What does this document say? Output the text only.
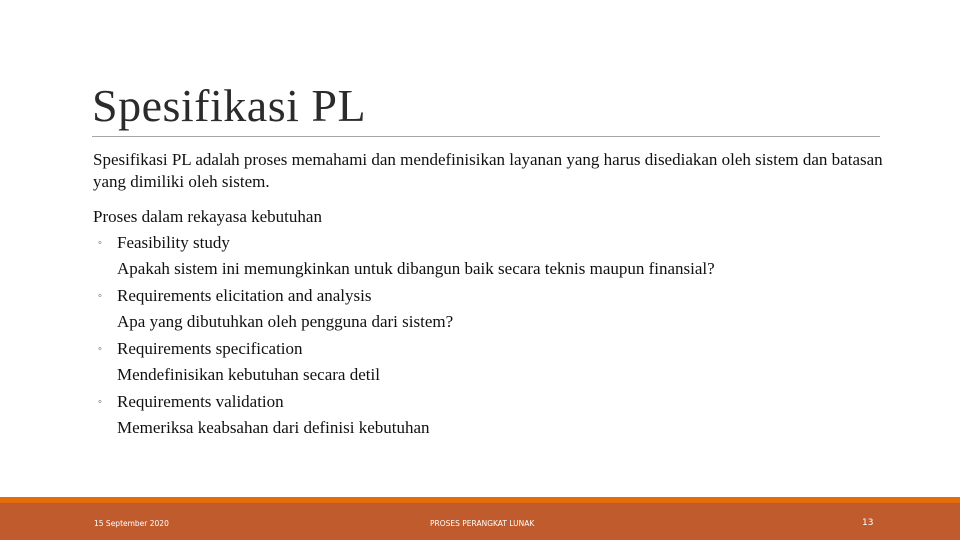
Spesifikasi PL

Spesifikasi PL adalah proses memahami dan mendefinisikan layanan yang harus disediakan oleh sistem dan batasan yang dimiliki oleh sistem.

Proses dalam rekayasa kebutuhan

◦ Feasibility study
Apakah sistem ini memungkinkan untuk dibangun baik secara teknis maupun finansial?
◦ Requirements elicitation and analysis
Apa yang dibutuhkan oleh pengguna dari sistem?
◦ Requirements specification
Mendefinisikan kebutuhan secara detil
◦ Requirements validation
Memeriksa keabsahan dari definisi kebutuhan
15 September 2020	PROSES PERANGKAT LUNAK	13
